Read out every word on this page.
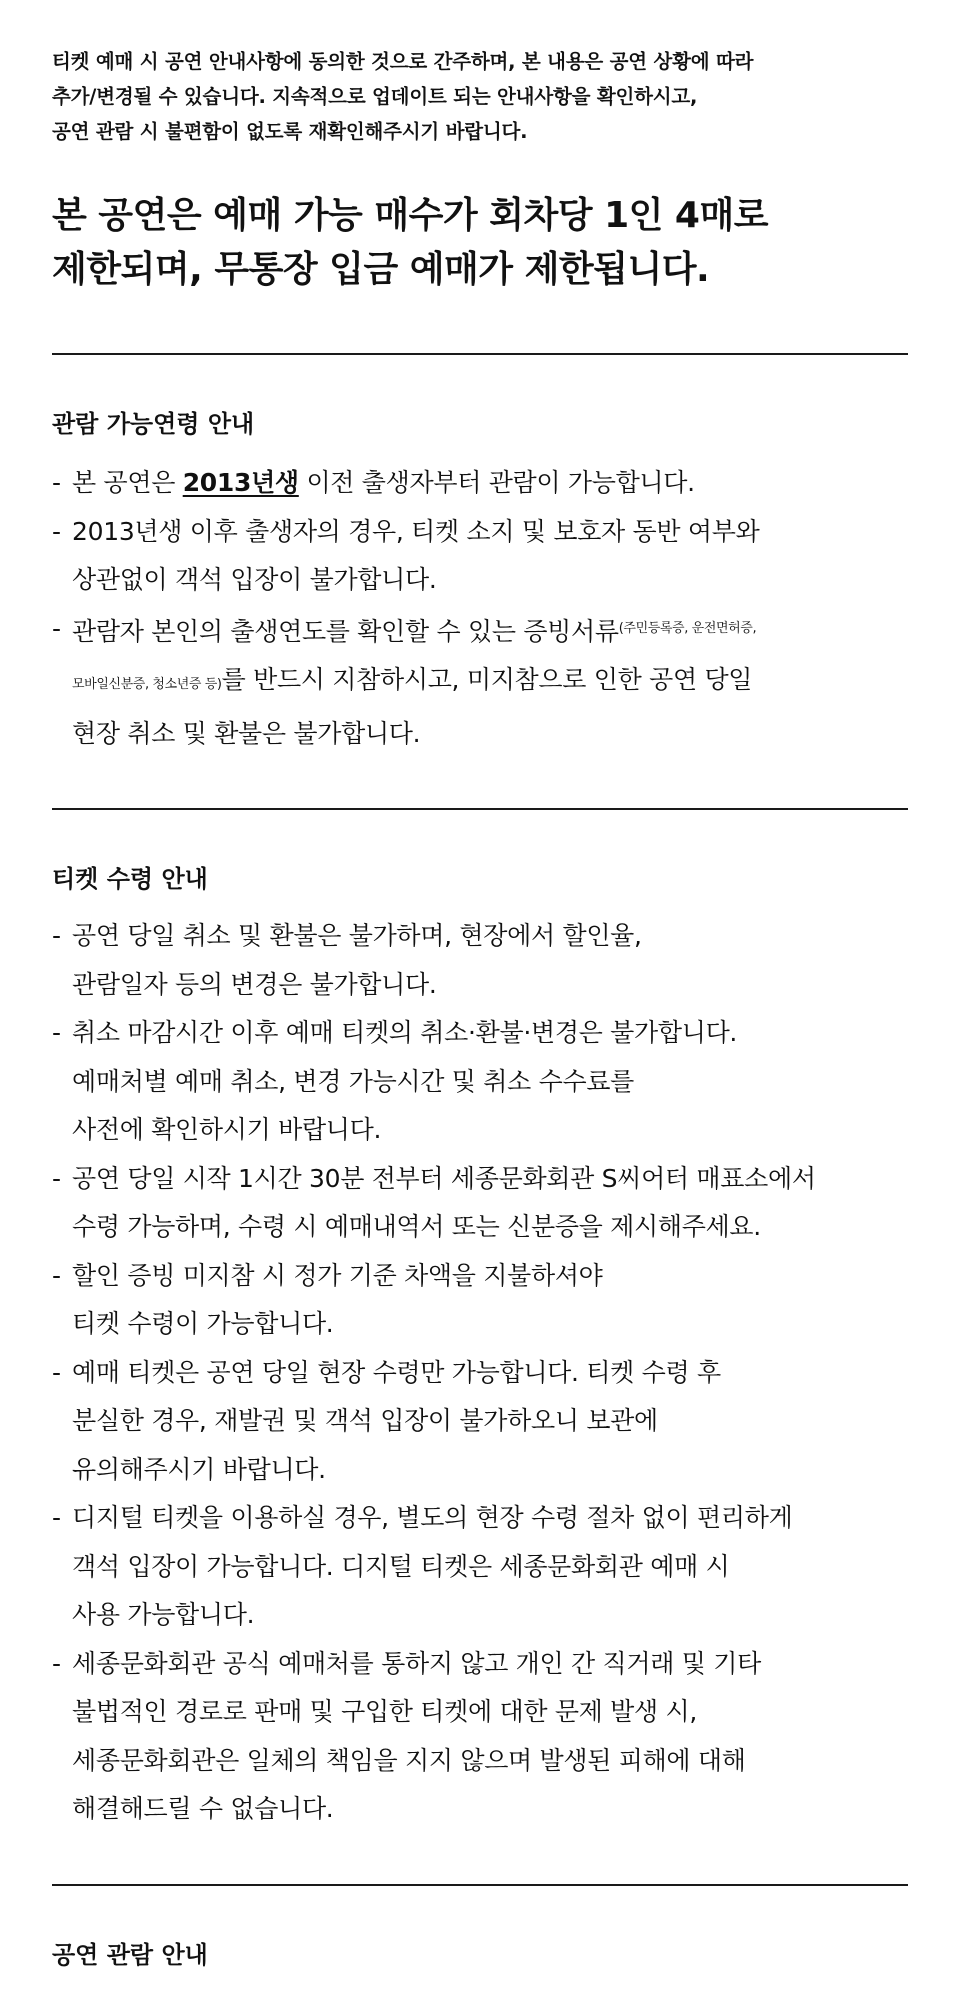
티켓 예매 시 공연 안내사항에 동의한 것으로 간주하며, 본 내용은 공연 상황에 따라
추가/변경될 수 있습니다. 지속적으로 업데이트 되는 안내사항을 확인하시고,
공연 관람 시 불편함이 없도록 재확인해주시기 바랍니다.
본 공연은 예매 가능 매수가 회차당 1인 4매로
제한되며, 무통장 입금 예매가 제한됩니다.
관람 가능연령 안내
- 본 공연은 2013년생 이전 출생자부터 관람이 가능합니다.
- 2013년생 이후 출생자의 경우, 티켓 소지 및 보호자 동반 여부와
상관없이 객석 입장이 불가합니다.
- 관람자 본인의 출생연도를 확인할 수 있는 증빙서류$^{(주민등록증, 운전면허증,}$
모바일신분증, 청소년증 등)를 반드시 지참하시고, 미지참으로 인한 공연 당일
현장 취소 및 환불은 불가합니다.
티켓 수령 안내
- 공연 당일 취소 및 환불은 불가하며, 현장에서 할인율,
관람일자 등의 변경은 불가합니다.
- 취소 마감시간 이후 예매 티켓의 취소·환불·변경은 불가합니다.
예매처별 예매 취소, 변경 가능시간 및 취소 수수료를
사전에 확인하시기 바랍니다.
- 공연 당일 시작 1시간 30분 전부터 세종문화회관 S씨어터 매표소에서
수령 가능하며, 수령 시 예매내역서 또는 신분증을 제시해주세요.
- 할인 증빙 미지참 시 정가 기준 차액을 지불하셔야
티켓 수령이 가능합니다.
- 예매 티켓은 공연 당일 현장 수령만 가능합니다. 티켓 수령 후
분실한 경우, 재발권 및 객석 입장이 불가하오니 보관에
유의해주시기 바랍니다.
- 디지털 티켓을 이용하실 경우, 별도의 현장 수령 절차 없이 편리하게
객석 입장이 가능합니다. 디지털 티켓은 세종문화회관 예매 시
사용 가능합니다.
- 세종문화회관 공식 예매처를 통하지 않고 개인 간 직거래 및 기타
불법적인 경로로 판매 및 구입한 티켓에 대한 문제 발생 시,
세종문화회관은 일체의 책임을 지지 않으며 발생된 피해에 대해
해결해드릴 수 없습니다.
공연 관람 안내
